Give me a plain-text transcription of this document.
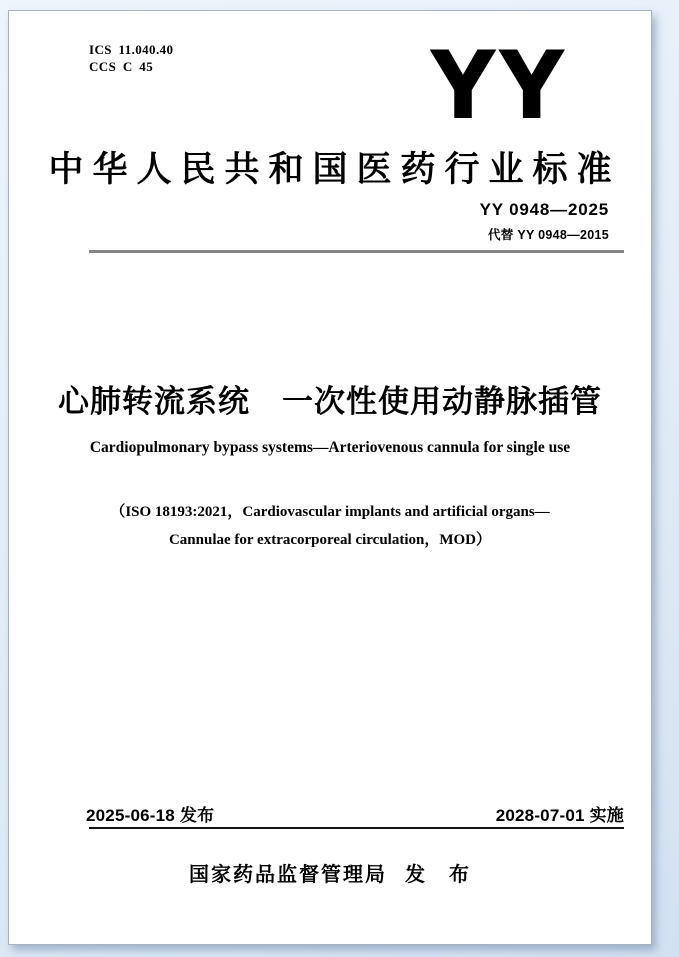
ICS 11.040.40
CCS C 45	YY
中华人民共和国医药行业标准
YY 0948—2025
代替 YY 0948—2015
心肺转流系统　一次性使用动静脉插管
Cardiopulmonary bypass systems—Arteriovenous cannula for single use
（ISO 18193:2021，Cardiovascular implants and artificial organs—
Cannulae for extracorporeal circulation，MOD）
2025-06-18 发布	2028-07-01 实施
国家药品监督管理局 发　布
